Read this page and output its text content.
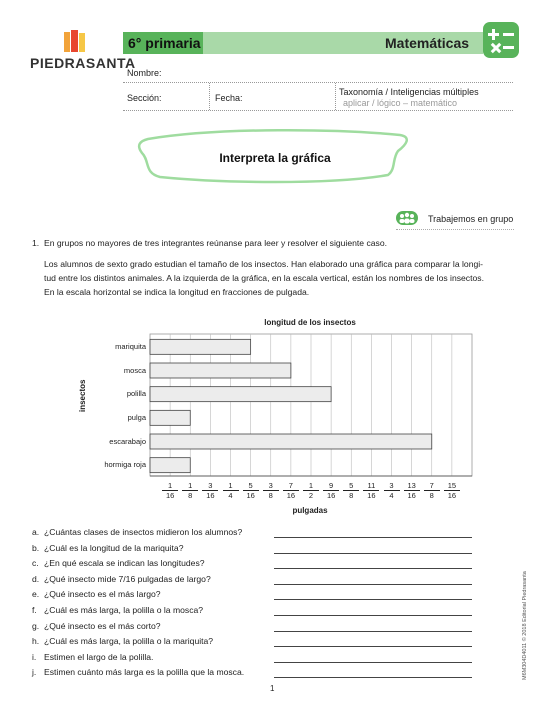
PIEDRASANTA
6° primaria	Matemáticas
Nombre:
Sección:	Fecha:
Taxonomía / Inteligencias múltiples
aplicar / lógico – matemático
Interpreta la gráfica
Trabajemos en grupo
1. En grupos no mayores de tres integrantes reúnanse para leer y resolver el siguiente caso.
Los alumnos de sexto grado estudian el tamaño de los insectos. Han elaborado una gráfica para comparar la longi-
tud entre los distintos animales. A la izquierda de la gráfica, en la escala vertical, están los nombres de los insectos.
En la escala horizontal se indica la longitud en fracciones de pulgada.
longitud de los insectos
insectos
mariquita
mosca
polilla
pulga
escarabajo
hormiga roja
$\frac{1}{16} \frac{1}{8} \frac{3}{16} \frac{1}{4} \frac{5}{16} \frac{3}{8} \frac{7}{16} \frac{1}{2} \frac{9}{16} \frac{5}{8} \frac{11}{16} \frac{3}{4} \frac{13}{16} \frac{7}{8} \frac{15}{16}$
pulgadas
a. ¿Cuántas clases de insectos midieron los alumnos?
b. ¿Cuál es la longitud de la mariquita?
c. ¿En qué escala se indican las longitudes?
d. ¿Qué insecto mide 7/16 pulgadas de largo?
e. ¿Qué insecto es el más largo?
f. ¿Cuál es más larga, la polilla o la mosca?
g. ¿Qué insecto es el más corto?
h. ¿Cuál es más larga, la polilla o la mariquita?
i. Estimen el largo de la polilla.
j. Estimen cuánto más larga es la polilla que la mosca.	M6M304D4011 © 2018 Editorial Piedrasanta
1
